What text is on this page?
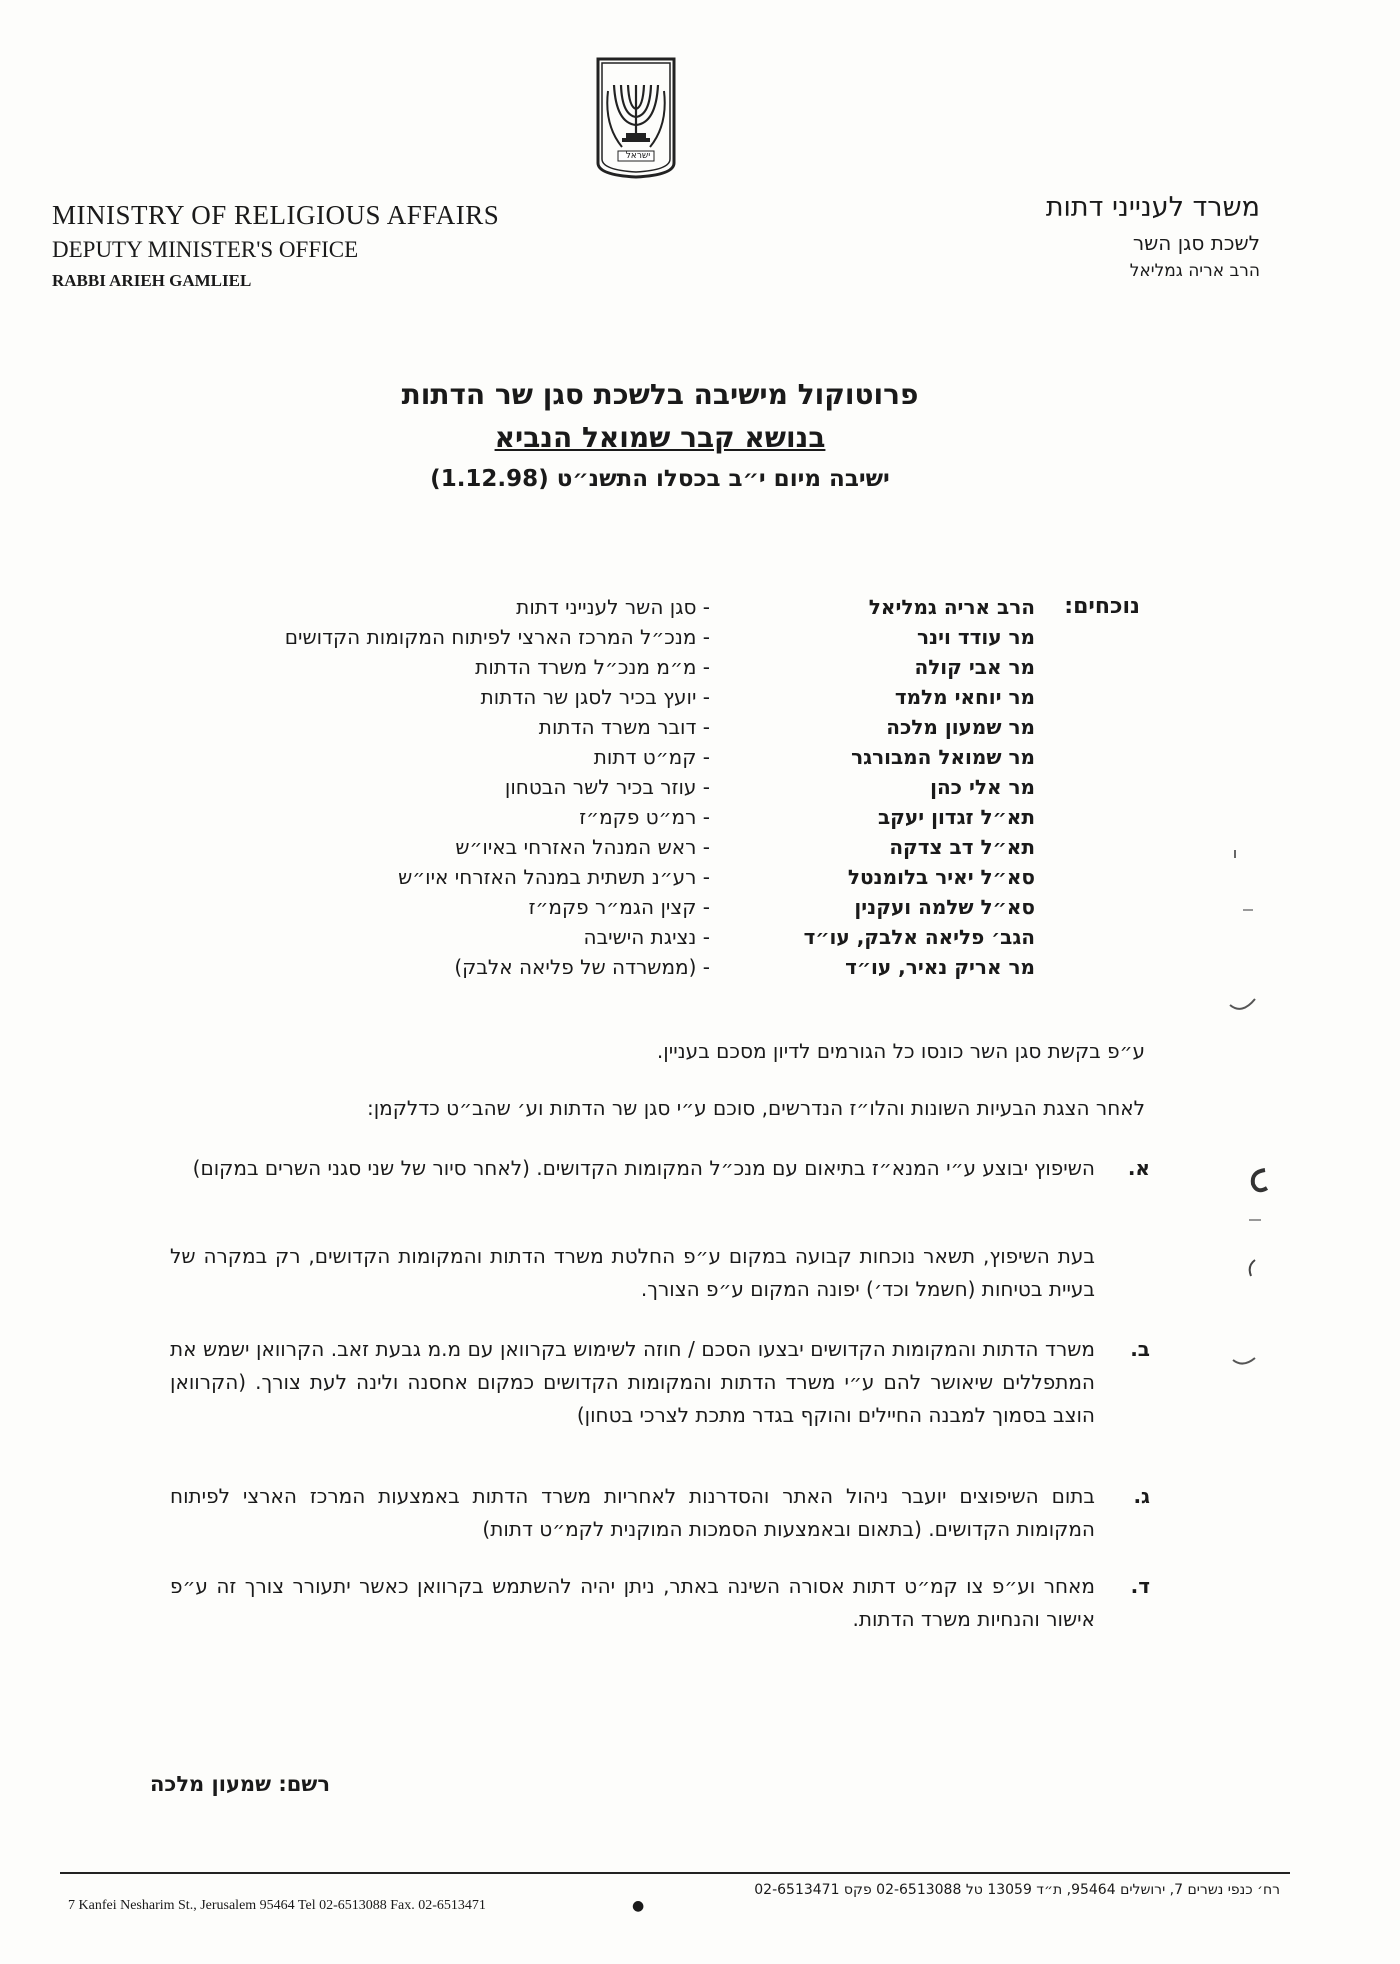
ישראל
MINISTRY OF RELIGIOUS AFFAIRS
DEPUTY MINISTER'S OFFICE
RABBI ARIEH GAMLIEL
משרד לענייני דתות
לשכת סגן השר
הרב אריה גמליאל
פרוטוקול מישיבה בלשכת סגן שר הדתות
בנושא קבר שמואל הנביא
ישיבה מיום י״ב בכסלו התשנ״ט (1.12.98)
נוכחים:
הרב אריה גמליאל
מר עודד וינר
מר אבי קולה
מר יוחאי מלמד
מר שמעון מלכה
מר שמואל המבורגר
מר אלי כהן
תא״ל זגדון יעקב
תא״ל דב צדקה
סא״ל יאיר בלומנטל
סא״ל שלמה ועקנין
הגב׳ פליאה אלבק, עו״ד
מר אריק נאיר, עו״ד
- סגן השר לענייני דתות
- מנכ״ל המרכז הארצי לפיתוח המקומות הקדושים
- מ״מ מנכ״ל משרד הדתות
- יועץ בכיר לסגן שר הדתות
- דובר משרד הדתות
- קמ״ט דתות
- עוזר בכיר לשר הבטחון
- רמ״ט פקמ״ז
- ראש המנהל האזרחי באיו״ש
- רע״נ תשתית במנהל האזרחי איו״ש
- קצין הגמ״ר פקמ״ז
- נציגת הישיבה
- (ממשרדה של פליאה אלבק)
ע״פ בקשת סגן השר כונסו כל הגורמים לדיון מסכם בעניין.
לאחר הצגת הבעיות השונות והלו״ז הנדרשים, סוכם ע״י סגן שר הדתות וע׳ שהב״ט כדלקמן:
א.
השיפוץ יבוצע ע״י המנא״ז בתיאום עם מנכ״ל המקומות הקדושים. (לאחר סיור של שני סגני השרים במקום)
בעת השיפוץ, תשאר נוכחות קבועה במקום ע״פ החלטת משרד הדתות והמקומות הקדושים, רק במקרה של בעיית בטיחות (חשמל וכד׳) יפונה המקום ע״פ הצורך.
ב.
משרד הדתות והמקומות הקדושים יבצעו הסכם / חוזה לשימוש בקרוואן עם מ.מ גבעת זאב. הקרוואן ישמש את המתפללים שיאושר להם ע״י משרד הדתות והמקומות הקדושים כמקום אחסנה ולינה לעת צורך. (הקרוואן הוצב בסמוך למבנה החיילים והוקף בגדר מתכת לצרכי בטחון)
ג.
בתום השיפוצים יועבר ניהול האתר והסדרנות לאחריות משרד הדתות באמצעות המרכז הארצי לפיתוח המקומות הקדושים. (בתאום ובאמצעות הסמכות המוקנית לקמ״ט דתות)
ד.
מאחר וע״פ צו קמ״ט דתות אסורה השינה באתר, ניתן יהיה להשתמש בקרוואן כאשר יתעורר צורך זה ע״פ אישור והנחיות משרד הדתות.
רשם: שמעון מלכה
7 Kanfei Nesharim St., Jerusalem 95464 Tel 02-6513088 Fax. 02-6513471	●
רח׳ כנפי נשרים 7, ירושלים 95464, ת״ד 13059 טל 02-6513088 פקס 02-6513471
